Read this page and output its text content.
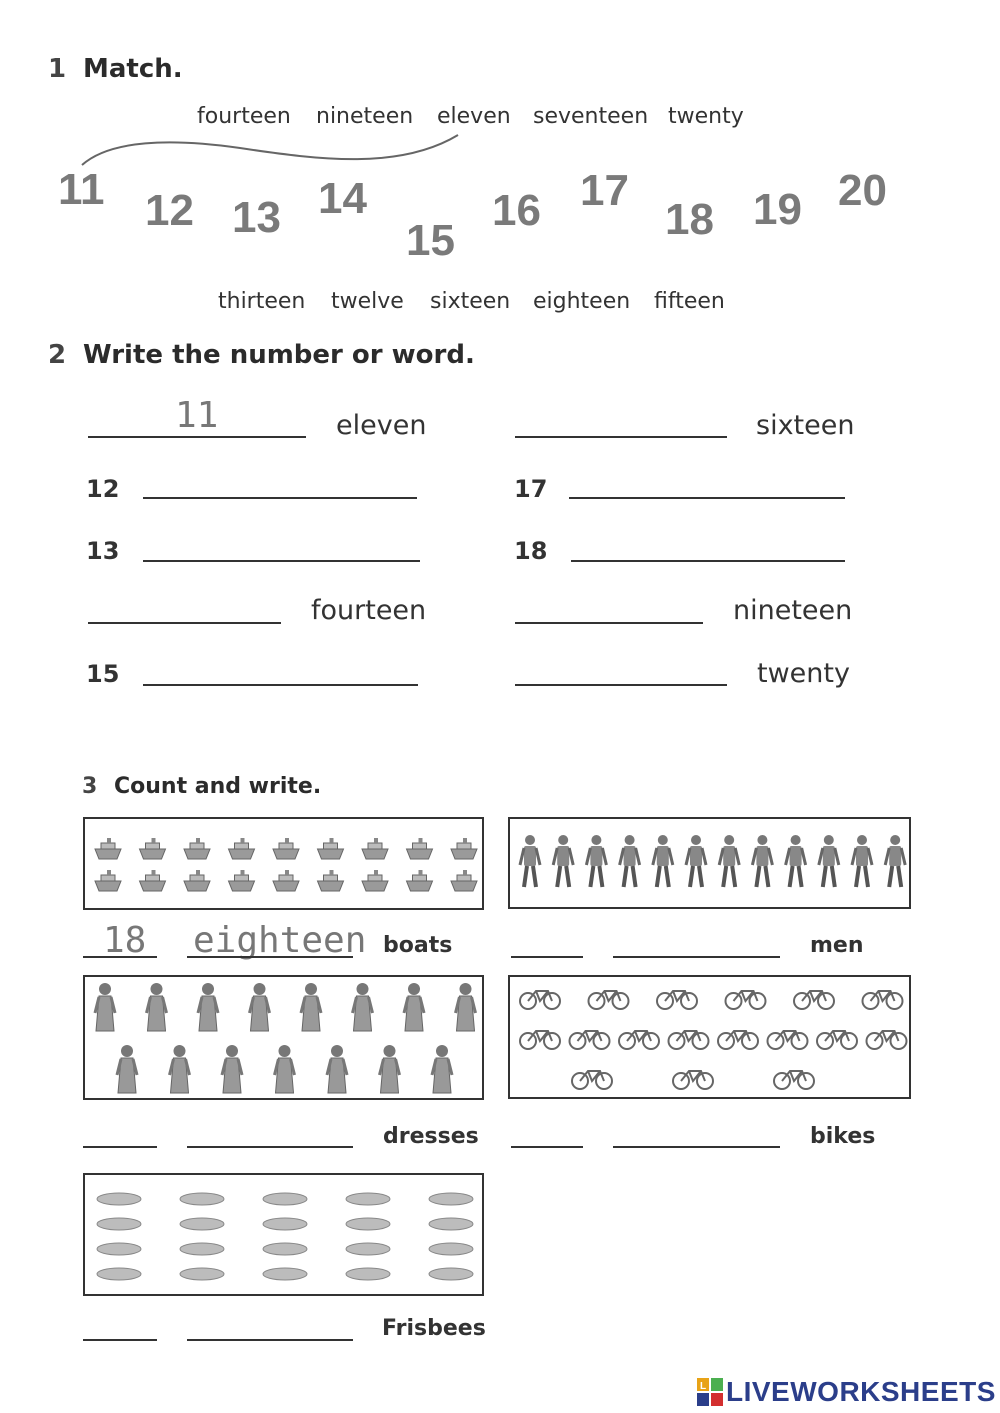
1 Match.
fourteen nineteen eleven seventeen twenty
11 12 13 14
15
16 17
18 19 20
thirteen twelve sixteen eighteen fifteen
2 Write the number or word.
11	eleven	sixteen
12	17
13	18
fourteen	nineteen
15	twenty
3 Count and write.
18 eighteen boats	men
dresses	bikes
Frisbees
L LIVEWORKSHEETS
